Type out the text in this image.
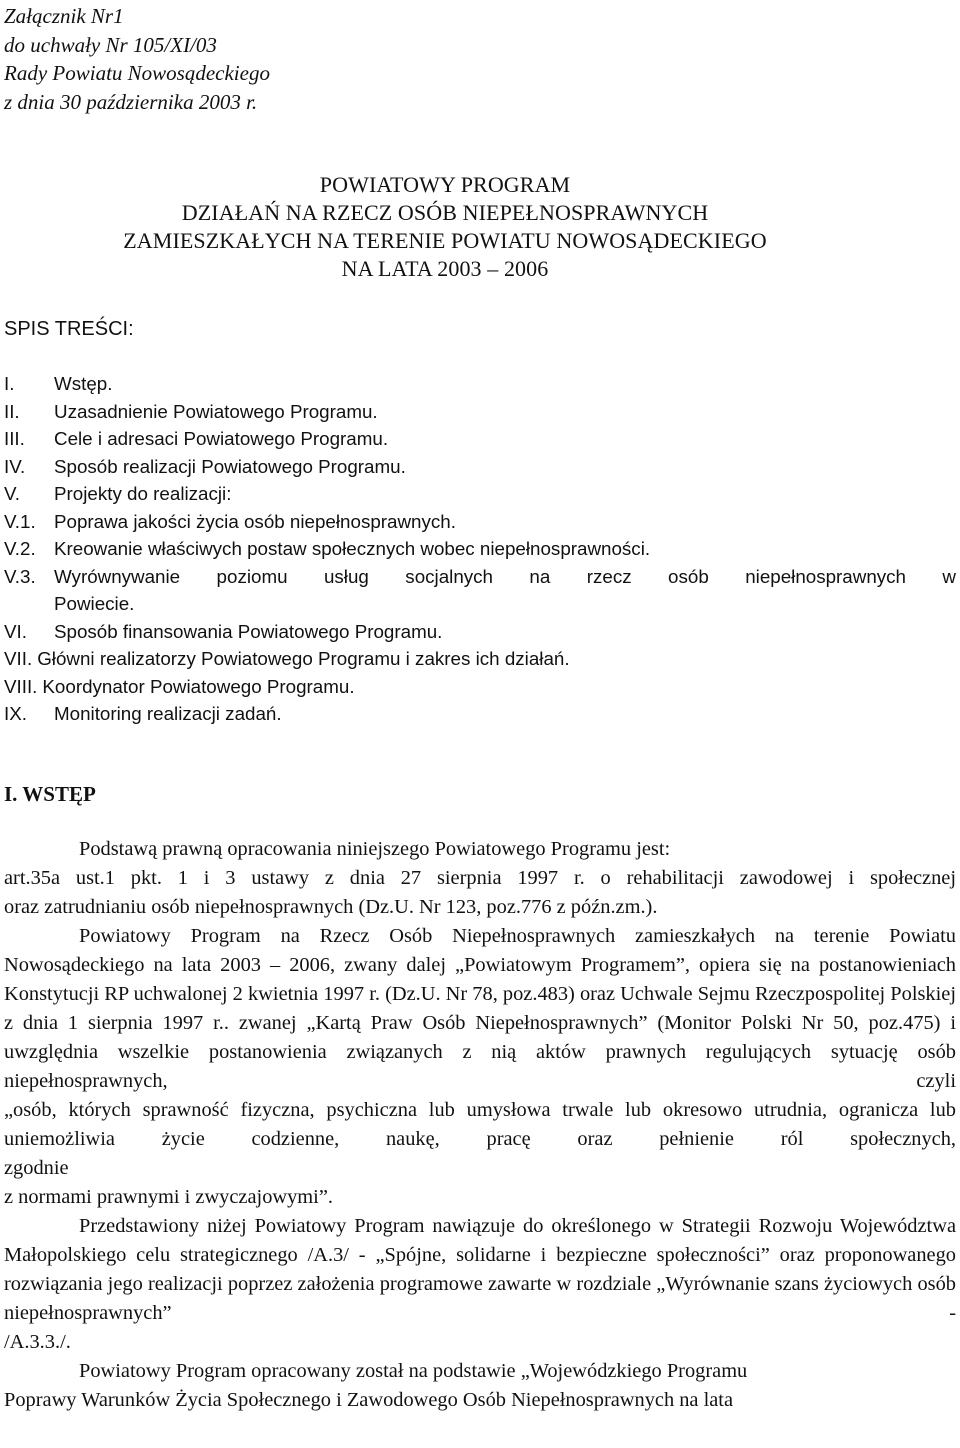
Załącznik Nr1
do uchwały Nr 105/XI/03
Rady Powiatu Nowosądeckiego
z dnia 30 października 2003 r.
POWIATOWY PROGRAM
DZIAŁAŃ NA RZECZ OSÓB NIEPEŁNOSPRAWNYCH
ZAMIESZKAŁYCH NA TERENIE POWIATU NOWOSĄDECKIEGO
NA LATA 2003 – 2006
SPIS TREŚCI:
I.	Wstęp.
II.	Uzasadnienie Powiatowego Programu.
III.	Cele i adresaci Powiatowego Programu.
IV.	Sposób realizacji Powiatowego Programu.
V.	Projekty do realizacji:
V.1. Poprawa jakości życia osób niepełnosprawnych.
V.2. Kreowanie właściwych postaw społecznych wobec niepełnosprawności.
V.3. Wyrównywanie poziomu usług socjalnych na rzecz osób niepełnosprawnych w
Powiecie.
VI.	Sposób finansowania Powiatowego Programu.
VII. Główni realizatorzy Powiatowego Programu i zakres ich działań.
VIII. Koordynator Powiatowego Programu.
IX.	Monitoring realizacji zadań.
I. WSTĘP

Podstawą prawną opracowania niniejszego Powiatowego Programu jest:

art.35a ust.1 pkt. 1 i 3 ustawy z dnia 27 sierpnia 1997 r. o rehabilitacji zawodowej i społecznej
oraz zatrudnianiu osób niepełnosprawnych (Dz.U. Nr 123, poz.776 z późn.zm.).

Powiatowy Program na Rzecz Osób Niepełnosprawnych zamieszkałych na terenie Powiatu Nowosądeckiego na lata 2003 – 2006, zwany dalej „Powiatowym Programem”, opiera się na postanowieniach Konstytucji RP uchwalonej 2 kwietnia 1997 r. (Dz.U. Nr 78, poz.483) oraz Uchwale Sejmu Rzeczpospolitej Polskiej z dnia 1 sierpnia 1997 r.. zwanej „Kartą Praw Osób Niepełnosprawnych” (Monitor Polski Nr 50, poz.475) i uwzględnia wszelkie postanowienia związanych z nią aktów prawnych regulujących sytuację osób

niepełnosprawnych,	czyli

„osób, których sprawność fizyczna, psychiczna lub umysłowa trwale lub okresowo utrudnia, ogranicza lub uniemożliwia życie codzienne, naukę, pracę oraz pełnienie ról społecznych,

zgodnie
z normami prawnymi i zwyczajowymi”.

Przedstawiony niżej Powiatowy Program nawiązuje do określonego w Strategii Rozwoju Województwa Małopolskiego celu strategicznego /A.3/ - „Spójne, solidarne i bezpieczne społeczności” oraz proponowanego rozwiązania jego realizacji poprzez założenia programowe zawarte w rozdziale „Wyrównanie szans życiowych osób niepełnosprawnych” -

/A.3.3./.

Powiatowy Program opracowany został na podstawie „Wojewódzkiego Programu

Poprawy Warunków Życia Społecznego i Zawodowego Osób Niepełnosprawnych na lata
